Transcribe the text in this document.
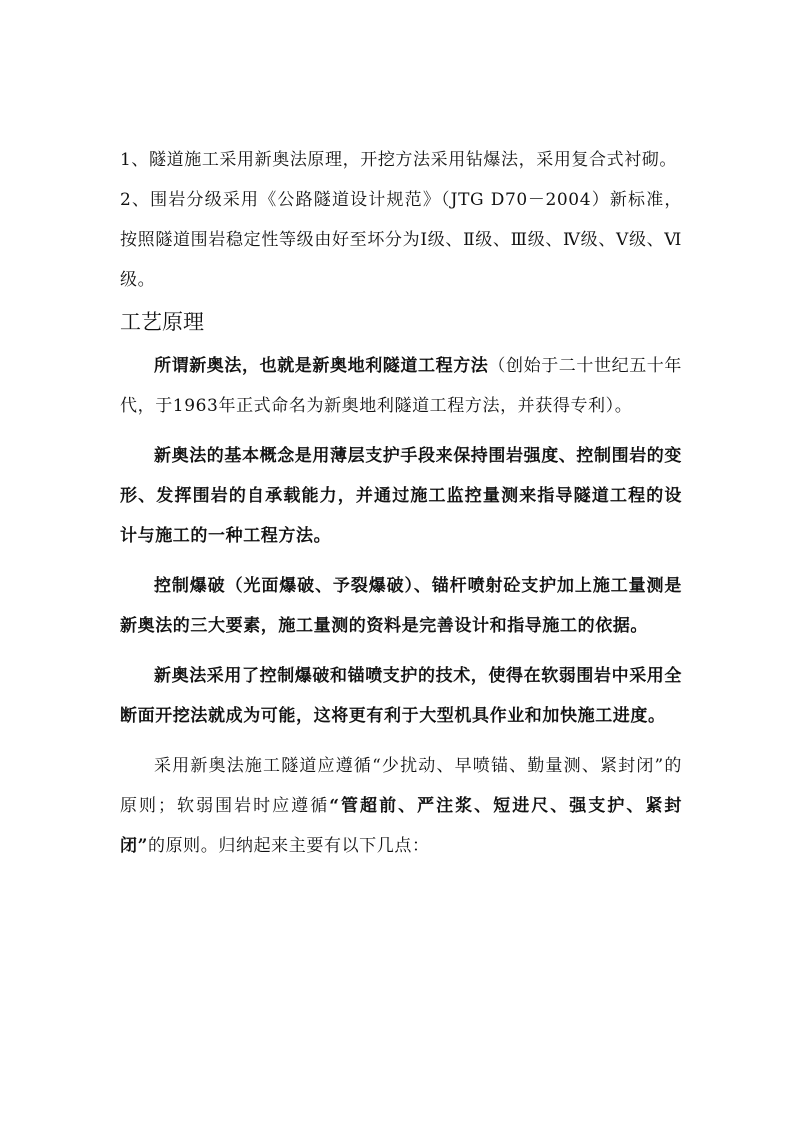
1、隧道施工采用新奥法原理，开挖方法采用钻爆法，采用复合式衬砌。

2、围岩分级采用《公路隧道设计规范》（JTG D70－2004）新标准，按照隧道围岩稳定性等级由好至坏分为Ⅰ级、Ⅱ级、Ⅲ级、Ⅳ级、Ⅴ级、Ⅵ级。

工艺原理

所谓新奥法，也就是新奥地利隧道工程方法（创始于二十世纪五十年代，于1963年正式命名为新奥地利隧道工程方法，并获得专利）。

新奥法的基本概念是用薄层支护手段来保持围岩强度、控制围岩的变形、发挥围岩的自承载能力，并通过施工监控量测来指导隧道工程的设计与施工的一种工程方法。

控制爆破（光面爆破、予裂爆破）、锚杆喷射砼支护加上施工量测是新奥法的三大要素，施工量测的资料是完善设计和指导施工的依据。

新奥法采用了控制爆破和锚喷支护的技术，使得在软弱围岩中采用全断面开挖法就成为可能，这将更有利于大型机具作业和加快施工进度。

采用新奥法施工隧道应遵循“少扰动、早喷锚、勤量测、紧封闭”的原则；软弱围岩时应遵循“管超前、严注浆、短进尺、强支护、紧封闭”的原则。归纳起来主要有以下几点：
